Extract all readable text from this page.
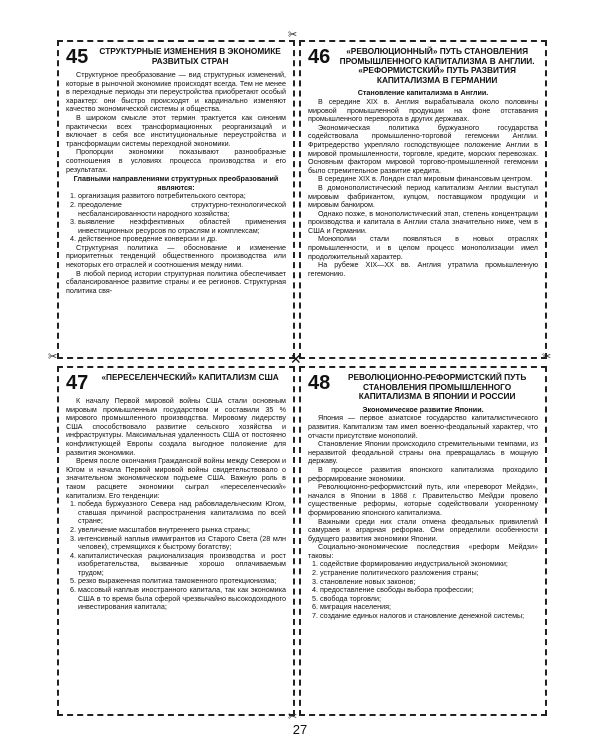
45	СТРУКТУРНЫЕ ИЗМЕНЕНИЯ В ЭКОНОМИКЕ РАЗВИТЫХ СТРАН

Структурное преобразование — вид структурных изменений, которые в рыночной экономике происходят всегда. Тем не менее в переходные периоды эти переустройства приобретают особый характер: они быстро происходят и кардинально изменяют качество экономической системы и общества.

В широком смысле этот термин трактуется как синоним практически всех трансформационных реорганизаций и включает в себя все институциональные переустройства и трансформации системы переходной экономики.

Пропорции экономики показывают разнообразные соотношения в условиях процесса производства и его результатах.

Главными направлениями структурных преобразований являются:

1. организация развитого потребительского сектора;
2. преодоление структурно-технологической несбалансированности народного хозяйства;
3. выявление неэффективных областей применения инвестиционных ресурсов по отраслям и комплексам;
4. действенное проведение конверсии и др.

Структурная политика — обоснование и изменение приоритетных тенденций общественного производства или некоторых его отраслей и соотношения между ними.

В любой период истории структурная политика обеспечивает сбалансированное развитие страны и ее регионов. Структурная политика свя-

46	«РЕВОЛЮЦИОННЫЙ» ПУТЬ СТАНОВЛЕНИЯ ПРОМЫШЛЕННОГО КАПИТАЛИЗМА В АНГЛИИ. «РЕФОРМИСТСКИЙ» ПУТЬ РАЗВИТИЯ КАПИТАЛИЗМА В ГЕРМАНИИ

Становление капитализма в Англии.

В середине XIX в. Англия вырабатывала около половины мировой промышленной продукции на фоне отставания промышленного переворота в других державах.

Экономическая политика буржуазного государства содействовала промышленно-торговой гегемонии Англии. Фритредерство укрепляло господствующее положение Англии в мировой промышленности, торговле, кредите, морских перевозках. Основным фактором мировой торгово-промышленной гегемонии было стремительное развитие кредита.

В середине XIX в. Лондон стал мировым финансовым центром.

В домонополистический период капитализм Англии выступал мировым фабрикантом, купцом, поставщиком продукции и мировым банкиром.

Однако позже, в монополистический этап, степень концентрации производства и капитала в Англии стала значительно ниже, чем в США и Германии.

Монополии стали появляться в новых отраслях промышленности, и в целом процесс монополизации имел продолжительный характер.

На рубеже XIX—XX вв. Англия утратила промышленную гегемонию.

47	«ПЕРЕСЕЛЕНЧЕСКИЙ» КАПИТАЛИЗМ США

К началу Первой мировой войны США стали основным мировым промышленным государством и составили 35 % мирового промышленного производства. Мировому лидерству США способствовало развитие сельского хозяйства и инфраструктуры. Максимальная удаленность США от постоянно конфликтующей Европы создала выгодное положение для развития экономики.

Время после окончания Гражданской войны между Севером и Югом и начала Первой мировой войны свидетельствовало о значительном экономическом подъеме США. Важную роль в таком расцвете экономики сыграл «переселенческий» капитализм. Его тенденции:

1. победа буржуазного Севера над рабовладельческим Югом, ставшая причиной распространения капитализма по всей стране;
2. увеличение масштабов внутреннего рынка страны;
3. интенсивный наплыв иммигрантов из Старого Света (28 млн человек), стремящихся к быстрому богатству;
4. капиталистическая рационализация производства и рост изобретательства, вызванные хорошо оплачиваемым трудом;
5. резко выраженная политика таможенного протекционизма;
6. массовый наплыв иностранного капитала, так как экономика США в то время была сферой чрезвычайно высокодоходного инвестирования капитала;
48	РЕВОЛЮЦИОННО-РЕФОРМИСТСКИЙ ПУТЬ СТАНОВЛЕНИЯ ПРОМЫШЛЕННОГО КАПИТАЛИЗМА В ЯПОНИИ И РОССИИ

Экономическое развитие Японии.

Япония — первое азиатское государство капиталистического развития. Капитализм там имел военно-феодальный характер, что отчасти присутствие монополий.

Становление Японии происходило стремительными темпами, из неразвитой феодальной страны она превращалась в мощную державу.

В процессе развития японского капитализма проходило реформирование экономики.

Революционно-реформистский путь, или «переворот Мейдзи», начался в Японии в 1868 г. Правительство Мейдзи провело существенные реформы, которые содействовали ускоренному формированию японского капитализма.

Важными среди них стали отмена феодальных привилегий самураев и аграрная реформа. Они определили особенности будущего развития экономики Японии.

Социально-экономические последствия «реформ Мейдзи» таковы:

1. содействие формированию индустриальной экономики;
2. устранение политического разложения страны;
3. становление новых законов;
4. предоставление свободы выбора профессии;
5. свобода торговли;
6. миграция населения;
7. создание единых налогов и становление денежной системы;
✂
✂
✂	✂
✕
27
